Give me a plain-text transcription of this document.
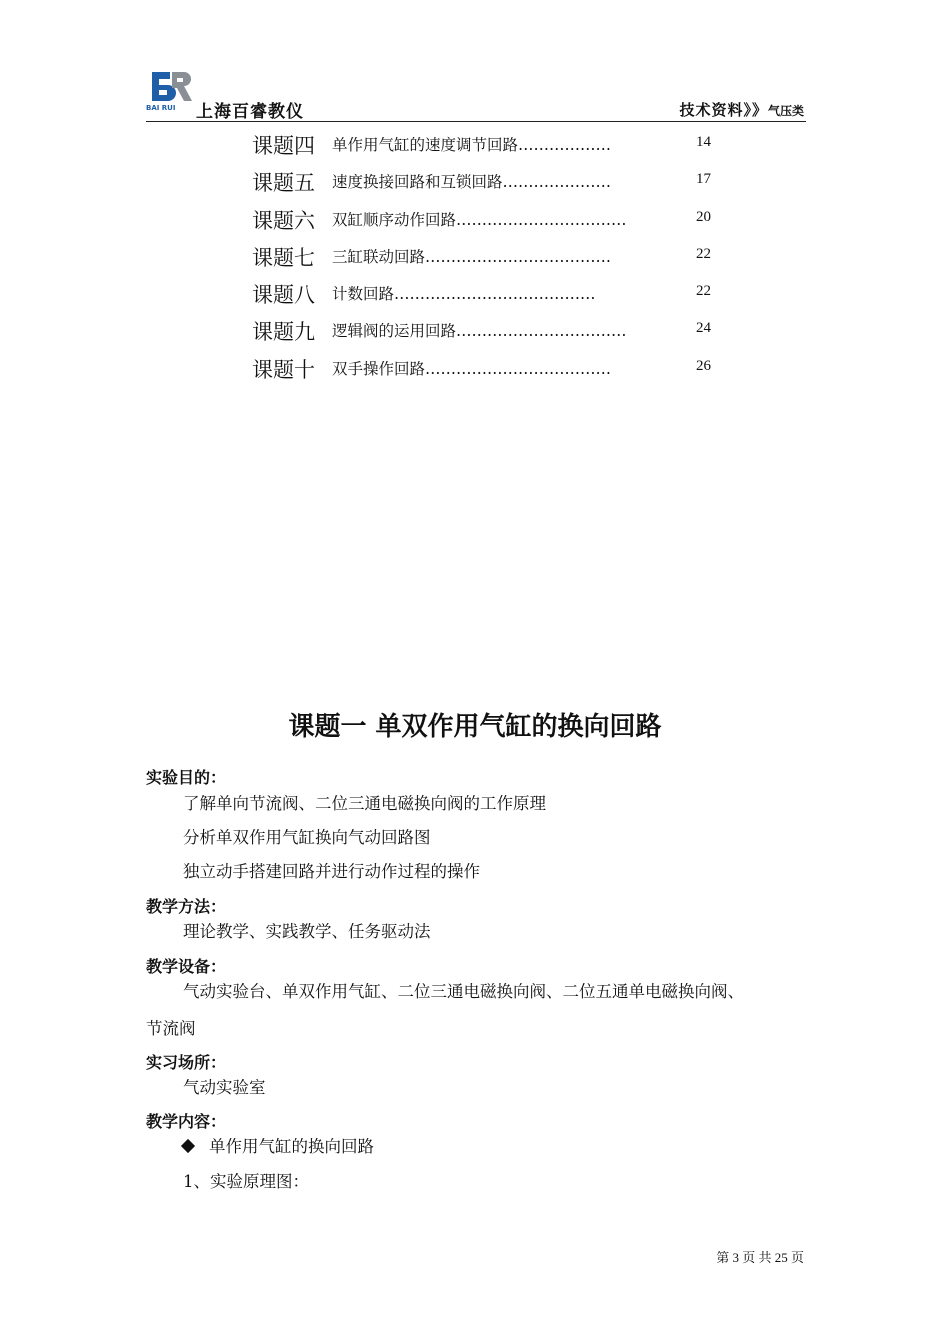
BAI RUI 上海百睿教仪	技术资料》》气压类
课题四 单作用气缸的速度调节回路………………	14
课题五 速度换接回路和互锁回路…………………	17
课题六 双缸顺序动作回路……………………………	20
课题七 三缸联动回路………………………………	22
课题八 计数回路…………………………………	22
课题九 逻辑阀的运用回路……………………………	24
课题十 双手操作回路………………………………	26
课题一 单双作用气缸的换向回路
实验目的：
了解单向节流阀、二位三通电磁换向阀的工作原理
分析单双作用气缸换向气动回路图
独立动手搭建回路并进行动作过程的操作
教学方法：
理论教学、实践教学、任务驱动法
教学设备：
气动实验台、单双作用气缸、二位三通电磁换向阀、二位五通单电磁换向阀、
节流阀
实习场所：
气动实验室
教学内容：
单作用气缸的换向回路
1、实验原理图：
第 3 页 共 25 页
